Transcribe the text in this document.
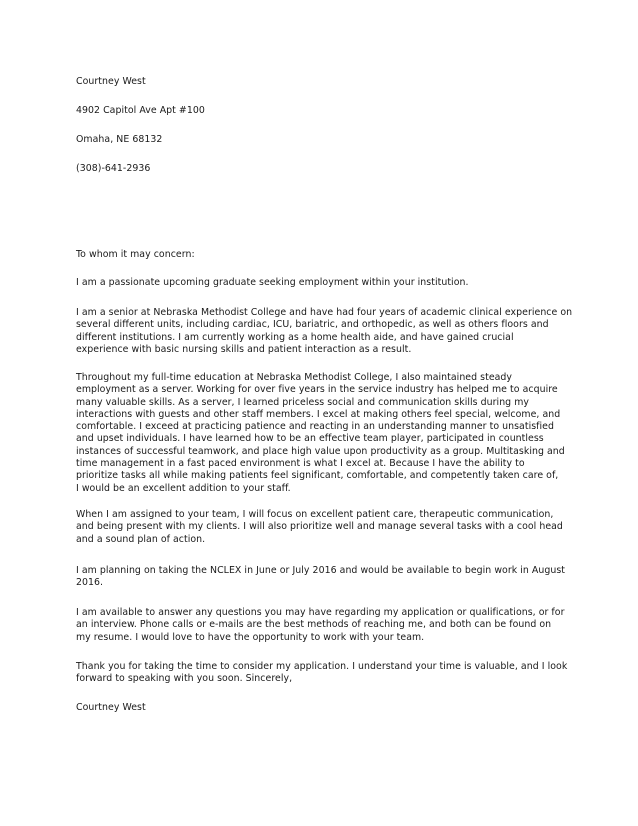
Courtney West
4902 Capitol Ave Apt #100
Omaha, NE 68132
(308)-641-2936
To whom it may concern:
I am a passionate upcoming graduate seeking employment within your institution.
I am a senior at Nebraska Methodist College and have had four years of academic clinical experience on
several different units, including cardiac, ICU, bariatric, and orthopedic, as well as others floors and
different institutions. I am currently working as a home health aide, and have gained crucial
experience with basic nursing skills and patient interaction as a result.
Throughout my full-time education at Nebraska Methodist College, I also maintained steady
employment as a server. Working for over five years in the service industry has helped me to acquire
many valuable skills. As a server, I learned priceless social and communication skills during my
interactions with guests and other staff members. I excel at making others feel special, welcome, and
comfortable. I exceed at practicing patience and reacting in an understanding manner to unsatisfied
and upset individuals. I have learned how to be an effective team player, participated in countless
instances of successful teamwork, and place high value upon productivity as a group. Multitasking and
time management in a fast paced environment is what I excel at. Because I have the ability to
prioritize tasks all while making patients feel significant, comfortable, and competently taken care of,
I would be an excellent addition to your staff.
When I am assigned to your team, I will focus on excellent patient care, therapeutic communication,
and being present with my clients. I will also prioritize well and manage several tasks with a cool head
and a sound plan of action.
I am planning on taking the NCLEX in June or July 2016 and would be available to begin work in August
2016.
I am available to answer any questions you may have regarding my application or qualifications, or for
an interview. Phone calls or e-mails are the best methods of reaching me, and both can be found on
my resume. I would love to have the opportunity to work with your team.
Thank you for taking the time to consider my application. I understand your time is valuable, and I look
forward to speaking with you soon. Sincerely,
Courtney West
